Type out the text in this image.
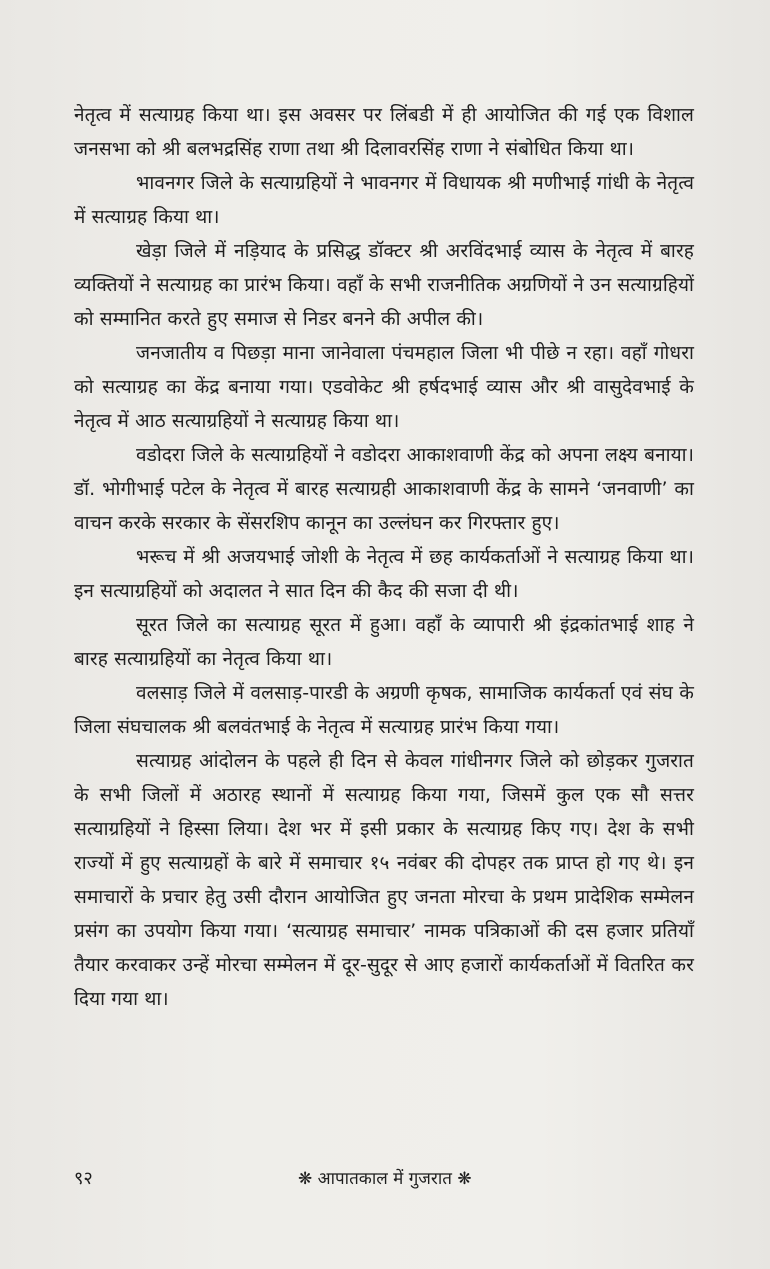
नेतृत्व में सत्याग्रह किया था। इस अवसर पर लिंबडी में ही आयोजित की गई एक विशाल जनसभा को श्री बलभद्रसिंह राणा तथा श्री दिलावरसिंह राणा ने संबोधित किया था।

भावनगर जिले के सत्याग्रहियों ने भावनगर में विधायक श्री मणीभाई गांधी के नेतृत्व में सत्याग्रह किया था।

खेड़ा जिले में नड़ियाद के प्रसिद्ध डॉक्टर श्री अरविंदभाई व्यास के नेतृत्व में बारह व्यक्तियों ने सत्याग्रह का प्रारंभ किया। वहाँ के सभी राजनीतिक अग्रणियों ने उन सत्याग्रहियों को सम्मानित करते हुए समाज से निडर बनने की अपील की।

जनजातीय व पिछड़ा माना जानेवाला पंचमहाल जिला भी पीछे न रहा। वहाँ गोधरा को सत्याग्रह का केंद्र बनाया गया। एडवोकेट श्री हर्षदभाई व्यास और श्री वासुदेवभाई के नेतृत्व में आठ सत्याग्रहियों ने सत्याग्रह किया था।

वडोदरा जिले के सत्याग्रहियों ने वडोदरा आकाशवाणी केंद्र को अपना लक्ष्य बनाया। डॉ. भोगीभाई पटेल के नेतृत्व में बारह सत्याग्रही आकाशवाणी केंद्र के सामने ‘जनवाणी’ का वाचन करके सरकार के सेंसरशिप कानून का उल्लंघन कर गिरफ्तार हुए।

भरूच में श्री अजयभाई जोशी के नेतृत्व में छह कार्यकर्ताओं ने सत्याग्रह किया था। इन सत्याग्रहियों को अदालत ने सात दिन की कैद की सजा दी थी।

सूरत जिले का सत्याग्रह सूरत में हुआ। वहाँ के व्यापारी श्री इंद्रकांतभाई शाह ने बारह सत्याग्रहियों का नेतृत्व किया था।

वलसाड़ जिले में वलसाड़-पारडी के अग्रणी कृषक, सामाजिक कार्यकर्ता एवं संघ के जिला संघचालक श्री बलवंतभाई के नेतृत्व में सत्याग्रह प्रारंभ किया गया।

सत्याग्रह आंदोलन के पहले ही दिन से केवल गांधीनगर जिले को छोड़कर गुजरात के सभी जिलों में अठारह स्थानों में सत्याग्रह किया गया, जिसमें कुल एक सौ सत्तर सत्याग्रहियों ने हिस्सा लिया। देश भर में इसी प्रकार के सत्याग्रह किए गए। देश के सभी राज्यों में हुए सत्याग्रहों के बारे में समाचार १५ नवंबर की दोपहर तक प्राप्त हो गए थे। इन समाचारों के प्रचार हेतु उसी दौरान आयोजित हुए जनता मोरचा के प्रथम प्रादेशिक सम्मेलन प्रसंग का उपयोग किया गया। ‘सत्याग्रह समाचार’ नामक पत्रिकाओं की दस हजार प्रतियाँ तैयार करवाकर उन्हें मोरचा सम्मेलन में दूर-सुदूर से आए हजारों कार्यकर्ताओं में वितरित कर दिया गया था।

९२	❋ आपातकाल में गुजरात ❋
